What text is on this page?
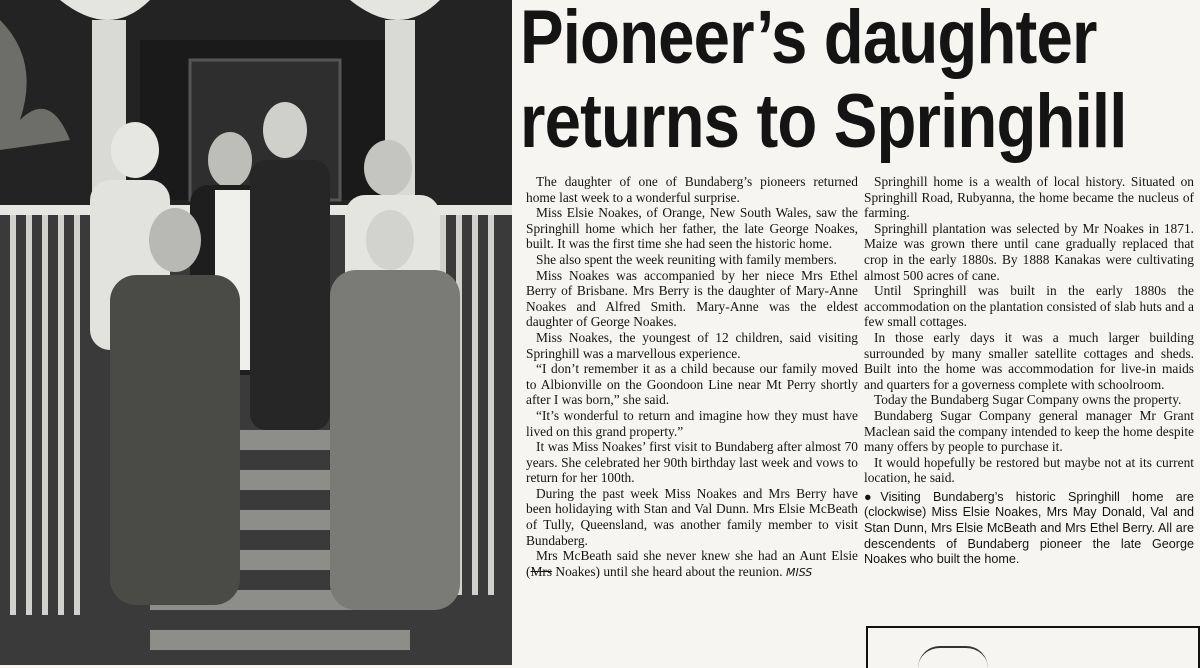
Pioneer’s daughter
returns to Springhill

The daughter of one of Bundaberg’s pioneers returned home last week to a wonderful surprise.

Miss Elsie Noakes, of Orange, New South Wales, saw the Springhill home which her father, the late George Noakes, built. It was the first time she had seen the historic home.

She also spent the week reuniting with family members.

Miss Noakes was accompanied by her niece Mrs Ethel Berry of Brisbane. Mrs Berry is the daughter of Mary-Anne Noakes and Alfred Smith. Mary-Anne was the eldest daughter of George Noakes.

Miss Noakes, the youngest of 12 children, said visiting Springhill was a marvellous experience.

“I don’t remember it as a child because our family moved to Albionville on the Goondoon Line near Mt Perry shortly after I was born,” she said.

“It’s wonderful to return and imagine how they must have lived on this grand property.”

It was Miss Noakes’ first visit to Bundaberg after almost 70 years. She celebrated her 90th birthday last week and vows to return for her 100th.

During the past week Miss Noakes and Mrs Berry have been holidaying with Stan and Val Dunn. Mrs Elsie McBeath of Tully, Queensland, was another family member to visit Bundaberg.

Mrs McBeath said she never knew she had an Aunt Elsie (Mrs Noakes) until she heard about the reunion. MISS

Springhill home is a wealth of local history. Situated on Springhill Road, Rubyanna, the home became the nucleus of farming.

Springhill plantation was selected by Mr Noakes in 1871. Maize was grown there until cane gradually replaced that crop in the early 1880s. By 1888 Kanakas were cultivating almost 500 acres of cane.

Until Springhill was built in the early 1880s the accommodation on the plantation consisted of slab huts and a few small cottages.

In those early days it was a much larger building surrounded by many smaller satellite cottages and sheds. Built into the home was accommodation for live-in maids and quarters for a governess complete with schoolroom.

Today the Bundaberg Sugar Company owns the property.

Bundaberg Sugar Company general manager Mr Grant Maclean said the company intended to keep the home despite many offers by people to purchase it.

It would hopefully be restored but maybe not at its current location, he said.

●Visiting Bundaberg’s historic Springhill home are (clockwise) Miss Elsie Noakes, Mrs May Donald, Val and Stan Dunn, Mrs Elsie McBeath and Mrs Ethel Berry. All are descendents of Bundaberg pioneer the late George Noakes who built the home.
